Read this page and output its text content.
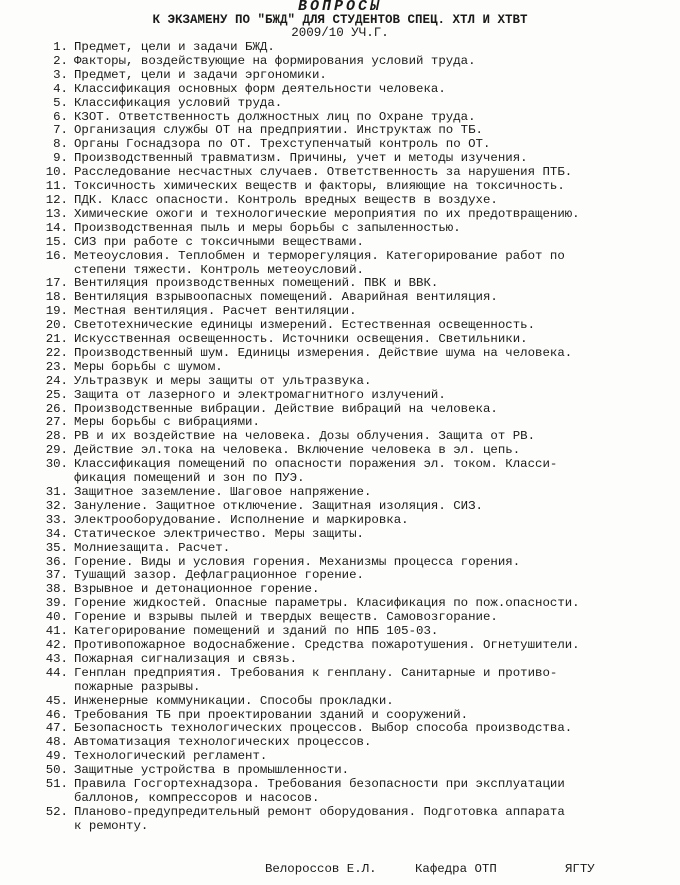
ВОПРОСЫ

К ЭКЗАМЕНУ ПО "БЖД" ДЛЯ СТУДЕНТОВ СПЕЦ. ХТЛ И ХТВТ

2009/10 УЧ.Г.

1. Предмет, цели и задачи БЖД.
2. Факторы, воздействующие на формирования условий труда.
3. Предмет, цели и задачи эргономики.
4. Классификация основных форм деятельности человека.
5. Классификация условий труда.
6. КЗОТ. Ответственность должностных лиц по Охране труда.
7. Организация службы ОТ на предприятии. Инструктаж по ТБ.
8. Органы Госнадзора по ОТ. Трехступенчатый контроль по ОТ.
9. Производственный травматизм. Причины, учет и методы изучения.
10. Расследование несчастных случаев. Ответственность за нарушения ПТБ.
11. Токсичность химических веществ и факторы, влияющие на токсичность.
12. ПДК. Класс опасности. Контроль вредных веществ в воздухе.
13. Химические ожоги и технологические мероприятия по их предотвращению.
14. Производственная пыль и меры борьбы с запыленностью.
15. СИЗ при работе с токсичными веществами.
16. Метеоусловия. Теплобмен и терморегуляция. Категорирование работ по
степени тяжести. Контроль метеоусловий.
17. Вентиляция производственных помещений. ПВК и ВВК.
18. Вентиляция взрывоопасных помещений. Аварийная вентиляция.
19. Местная вентиляция. Расчет вентиляции.
20. Светотехнические единицы измерений. Естественная освещенность.
21. Искусственная освещенность. Источники освещения. Светильники.
22. Производственный шум. Единицы измерения. Действие шума на человека.
23. Меры борьбы с шумом.
24. Ультразвук и меры защиты от ультразвука.
25. Защита от лазерного и электромагнитного излучений.
26. Производственные вибрации. Действие вибраций на человека.
27. Меры борьбы с вибрациями.
28. РВ и их воздействие на человека. Дозы облучения. Защита от РВ.
29. Действие эл.тока на человека. Включение человека в эл. цепь.
30. Классификация помещений по опасности поражения эл. током. Класси-
фикация помещений и зон по ПУЭ.
31. Защитное заземление. Шаговое напряжение.
32. Зануление. Защитное отключение. Защитная изоляция. СИЗ.
33. Электрооборудование. Исполнение и маркировка.
34. Статическое электричество. Меры защиты.
35. Молниезащита. Расчет.
36. Горение. Виды и условия горения. Механизмы процесса горения.
37. Тушащий зазор. Дефлаграционное горение.
38. Взрывное и детонационное горение.
39. Горение жидкостей. Опасные параметры. Класификация по пож.опасности.
40. Горение и взрывы пылей и твердых веществ. Самовозгорание.
41. Категорирование помещений и зданий по НПБ 105-03.
42. Противопожарное водоснабжение. Средства пожаротушения. Огнетушители.
43. Пожарная сигнализация и связь.
44. Генплан предприятия. Требования к генплану. Санитарные и противо-
пожарные разрывы.
45. Инженерные коммуникации. Способы прокладки.
46. Требования ТБ при проектировании зданий и сооружений.
47. Безопасность технологических процессов. Выбор способа производства.
48. Автоматизация технологических процессов.
49. Технологический регламент.
50. Защитные устройства в промышленности.
51. Правила Госгортехнадзора. Требования безопасности при эксплуатации
баллонов, компрессоров и насосов.
52. Планово-предупредительный ремонт оборудования. Подготовка аппарата
к ремонту.
Велороссов Е.Л.	Кафедра ОТП	ЯГТУ
